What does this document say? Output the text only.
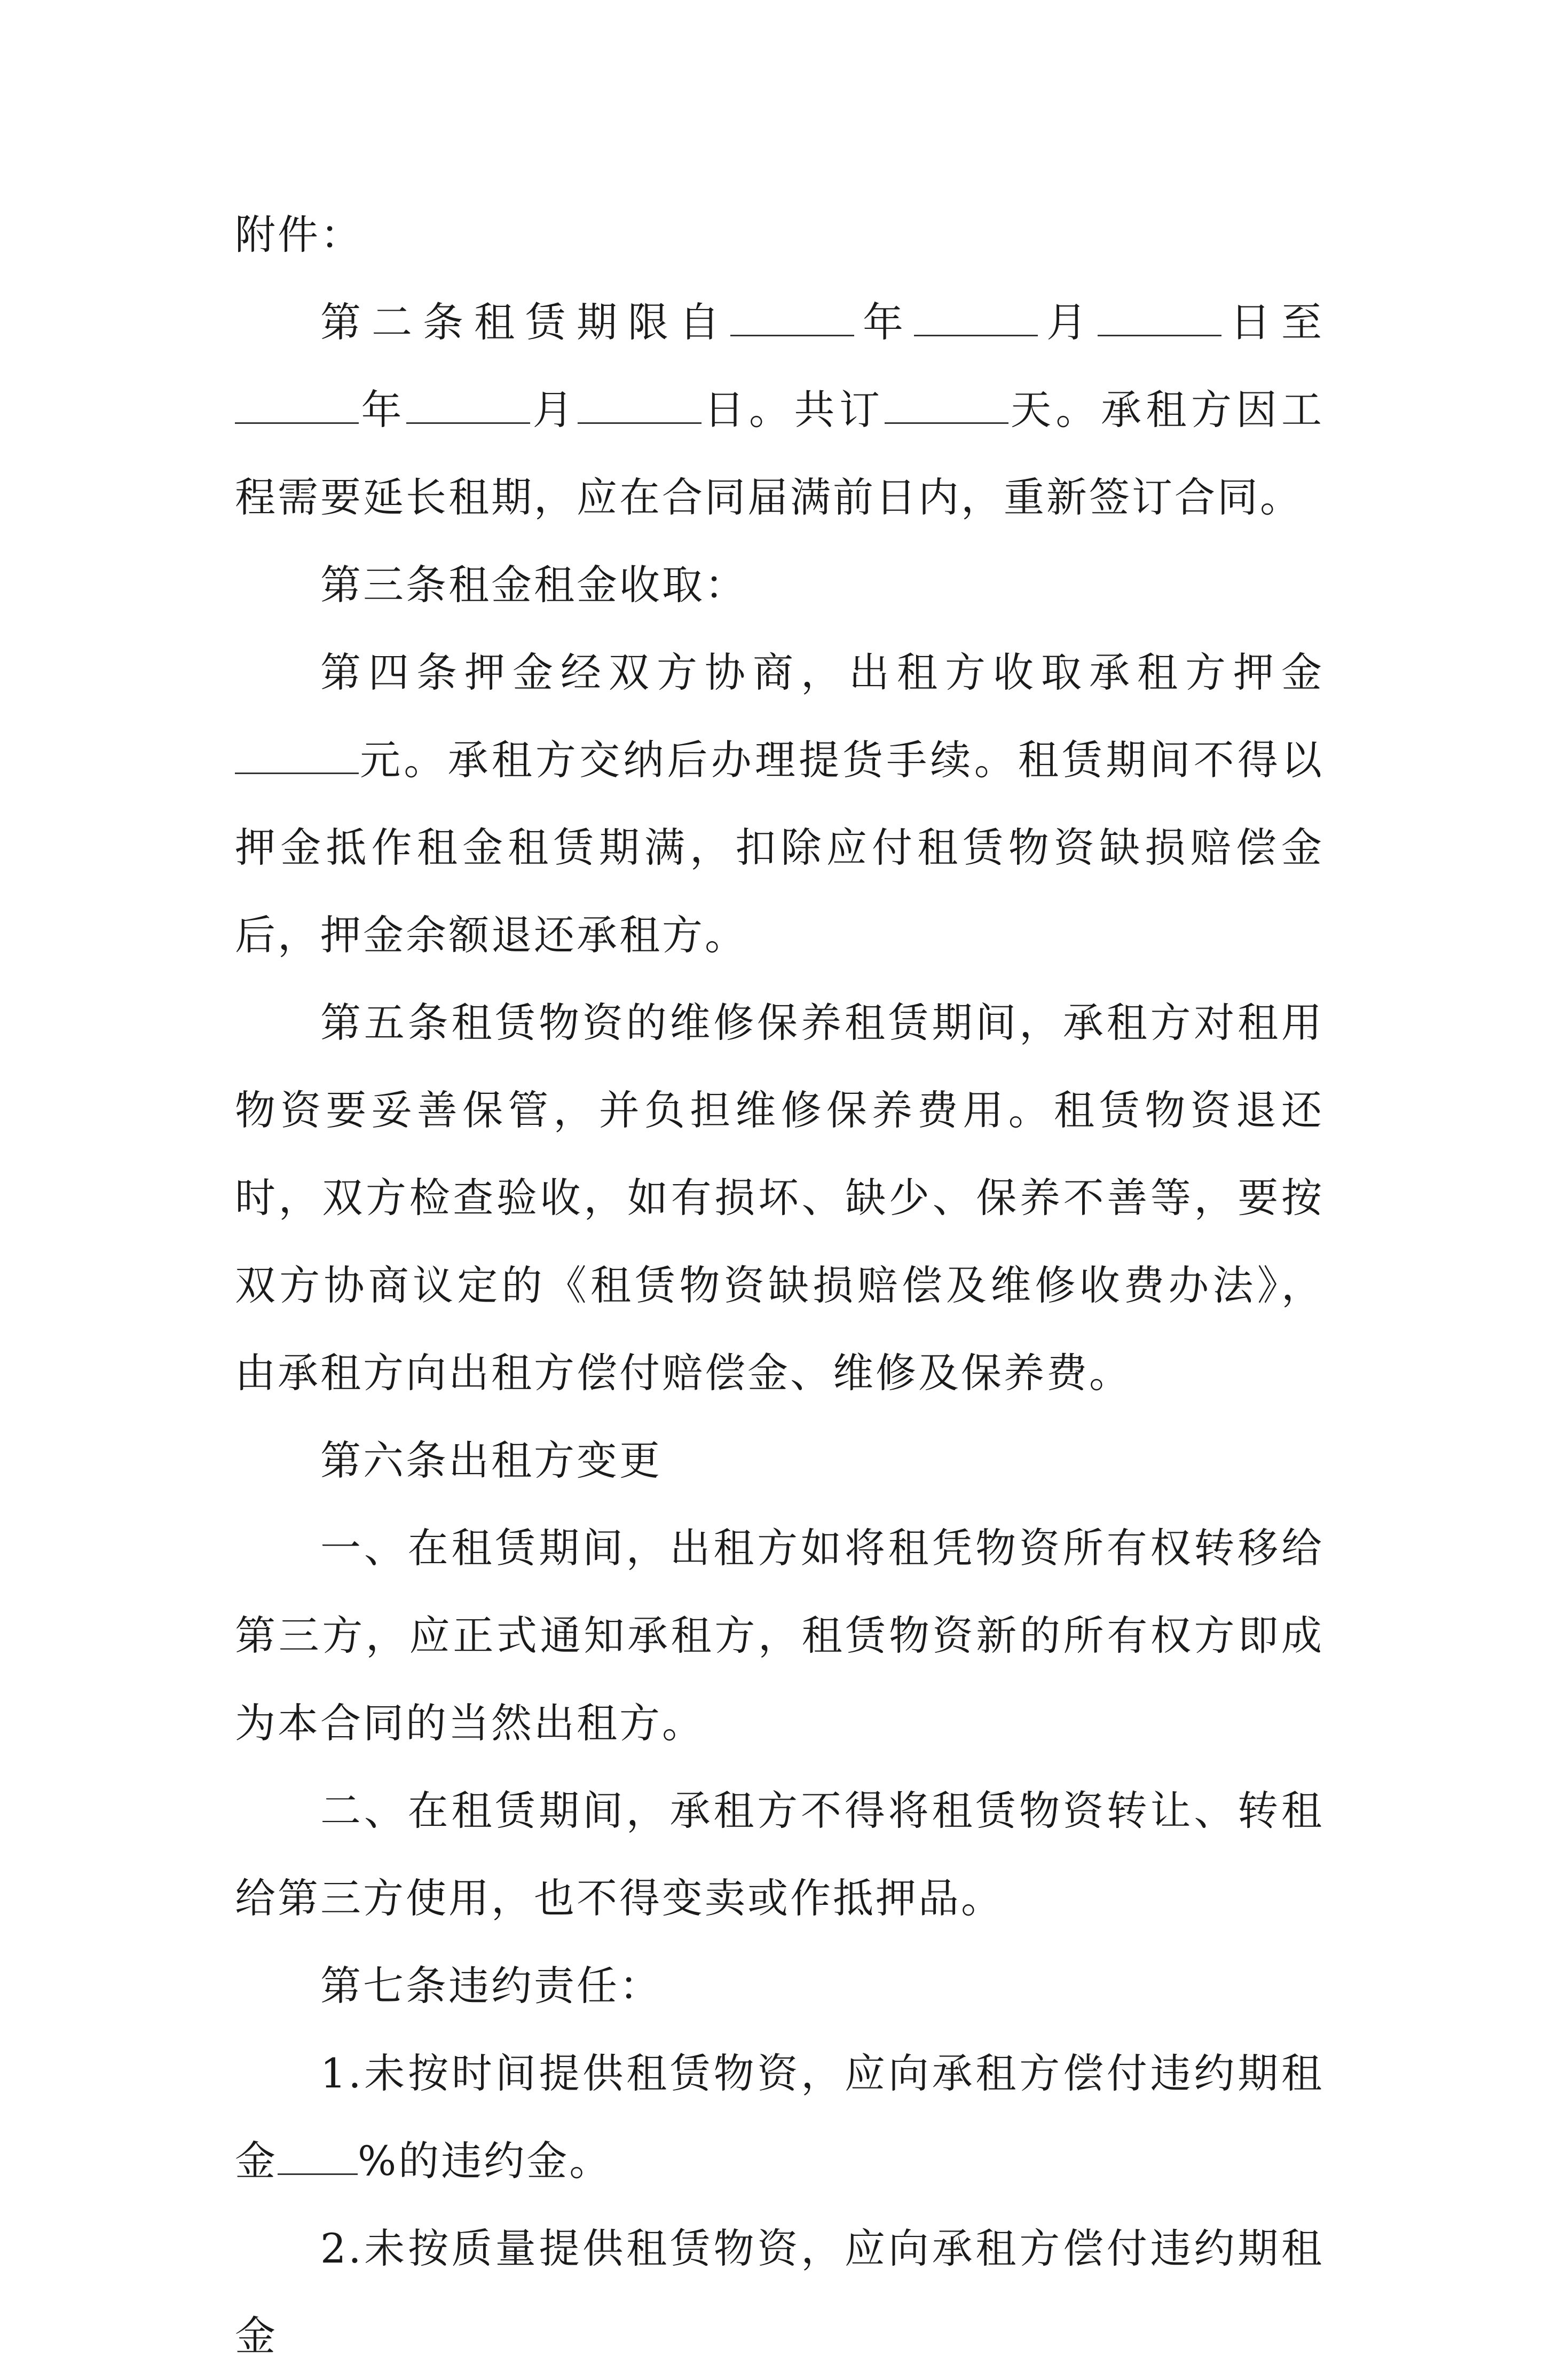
附件：

第二条租赁期限自	年	月	日至年	月	日。共订	天。承租方因工程需要延长租期，应在合同届满前日内，重新签订合同。

第三条租金租金收取：

第四条押金经双方协商，出租方收取承租方押金元。承租方交纳后办理提货手续。租赁期间不得以押金抵作租金租赁期满，扣除应付租赁物资缺损赔偿金后，押金余额退还承租方。

第五条租赁物资的维修保养租赁期间，承租方对租用物资要妥善保管，并负担维修保养费用。租赁物资退还时，双方检查验收，如有损坏、缺少、保养不善等，要按双方协商议定的《租赁物资缺损赔偿及维修收费办法》，由承租方向出租方偿付赔偿金、维修及保养费。

第六条出租方变更

一、在租赁期间，出租方如将租凭物资所有权转移给第三方，应正式通知承租方，租赁物资新的所有权方即成为本合同的当然出租方。

二、在租赁期间，承租方不得将租赁物资转让、转租给第三方使用，也不得变卖或作抵押品。

第七条违约责任：

1.未按时间提供租赁物资，应向承租方偿付违约期租金 %的违约金。

2.未按质量提供租赁物资，应向承租方偿付违约期租金
